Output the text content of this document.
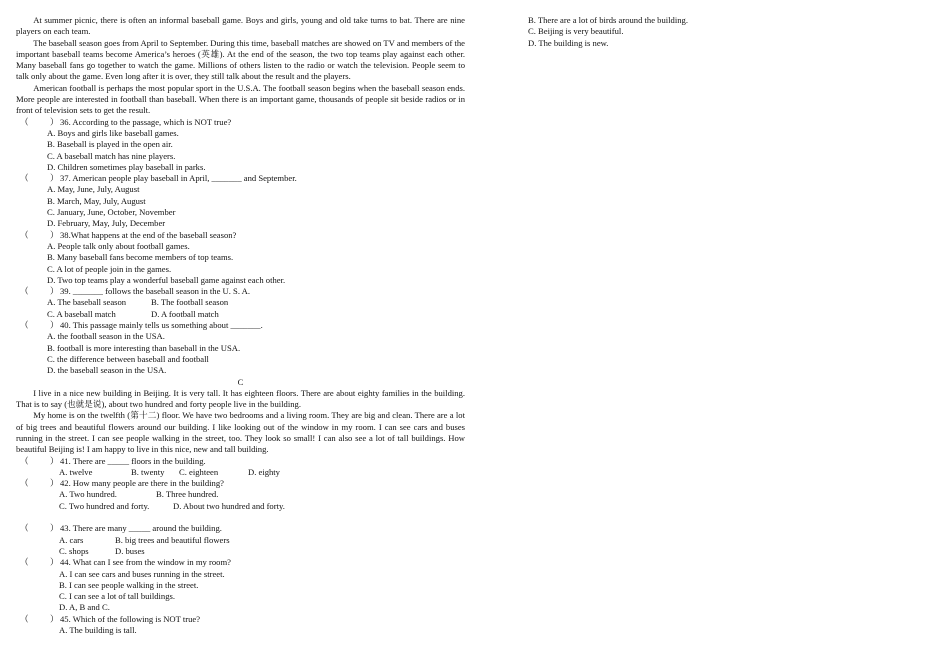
At summer picnic, there is often an informal baseball game. Boys and girls, young and old take turns to bat. There are nine players on each team.

The baseball season goes from April to September. During this time, baseball matches are showed on TV and members of the important baseball teams become America’s heroes (英雄). At the end of the season, the two top teams play against each other. Many baseball fans go together to watch the game. Millions of others listen to the radio or watch the television. People seem to talk only about the game. Even long after it is over, they still talk about the result and the players.

American football is perhaps the most popular sport in the U.S.A. The football season begins when the baseball season ends. More people are interested in football than baseball. When there is an important game, thousands of people sit beside radios or in front of television sets to get the result.

（ ） 36. According to the passage, which is NOT true?
A. Boys and girls like baseball games.
B. Baseball is played in the open air.
C. A baseball match has nine players.
D. Children sometimes play baseball in parks.
（ ） 37. American people play baseball in April, _______ and September.
A. May, June, July, August
B. March, May, July, August
C. January, June, October, November
D. February, May, July, December
（ ） 38.What happens at the end of the baseball season?
A. People talk only about football games.
B. Many baseball fans become members of top teams.
C. A lot of people join in the games.
D. Two top teams play a wonderful baseball game against each other.
（ ） 39. _______ follows the baseball season in the U. S. A.
A. The baseball season	B. The football season
C. A baseball match	D. A football match
（ ） 40. This passage mainly tells us something about _______.
A. the football season in the USA.
B. football is more interesting than baseball in the USA.
C. the difference between baseball and football
D. the baseball season in the USA.
C

I live in a nice new building in Beijing. It is very tall. It has eighteen floors. There are about eighty families in the building. That is to say (也就是说), about two hundred and forty people live in the building.

My home is on the twelfth (第十二) floor. We have two bedrooms and a living room. They are big and clean. There are a lot of big trees and beautiful flowers around our building. I like looking out of the window in my room. I can see cars and buses running in the street. I can see people walking in the street, too. They look so small! I can also see a lot of tall buildings. How beautiful Beijing is! I am happy to live in this nice, new and tall building.

（ ） 41. There are _____ floors in the building.
A. twelve	B. twenty C. eighteen	D. eighty
（ ） 42. How many people are there in the building?
A. Two hundred.	B. Three hundred.
C. Two hundred and forty.	D. About two hundred and forty.
（ ） 43. There are many _____ around the building.
A. cars	B. big trees and beautiful flowers
C. shops	D. buses
（ ） 44. What can I see from the window in my room?
A. I can see cars and buses running in the street.
B. I can see people walking in the street.
C. I can see a lot of tall buildings.
D. A, B and C.
（ ） 45. Which of the following is NOT true?
A. The building is tall.
B. There are a lot of birds around the building.
C. Beijing is very beautiful.
D. The building is new.
